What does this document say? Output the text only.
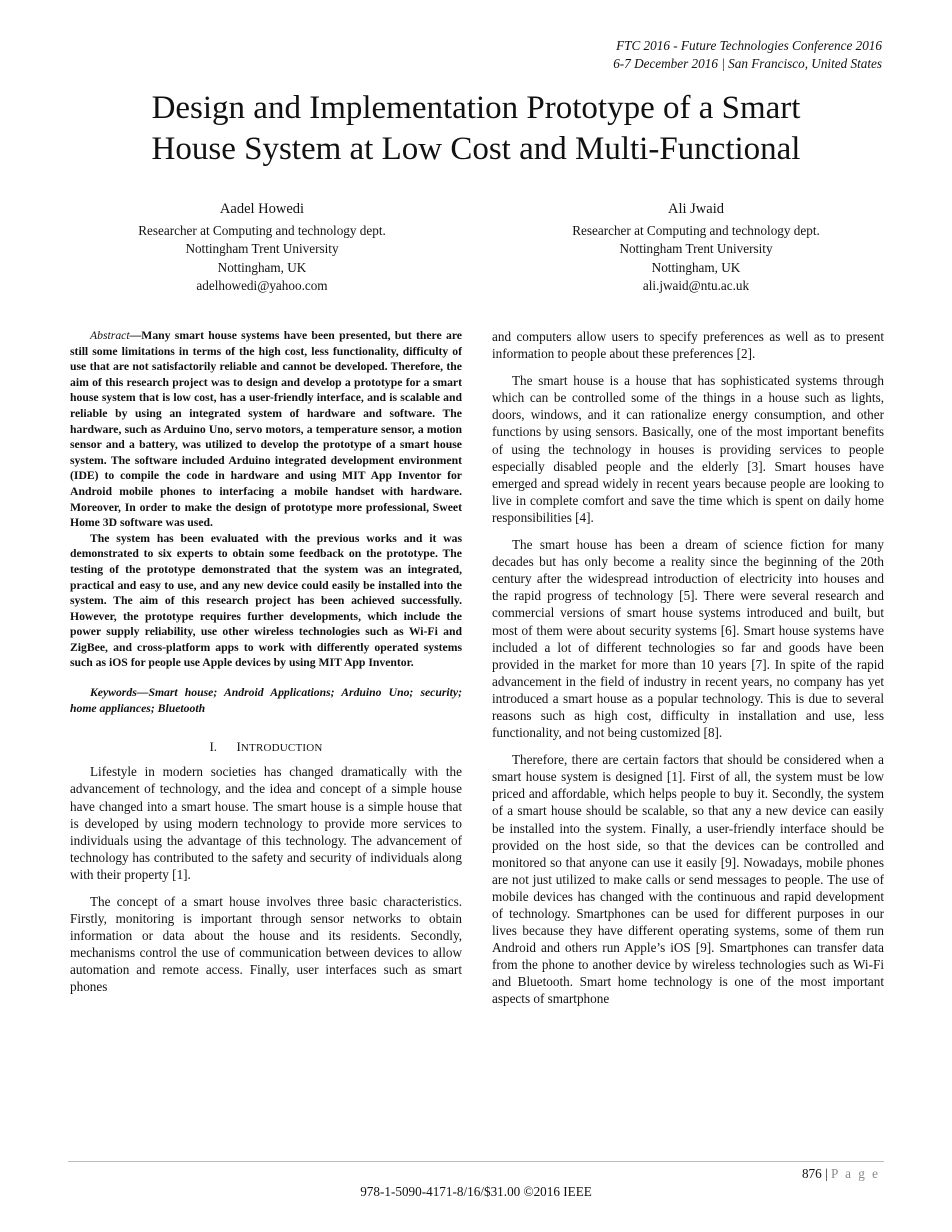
FTC 2016 - Future Technologies Conference 2016
6-7 December 2016 | San Francisco, United States
Design and Implementation Prototype of a Smart
House System at Low Cost and Multi-Functional
Aadel Howedi
Researcher at Computing and technology dept.
Nottingham Trent University
Nottingham, UK
adelhowedi@yahoo.com
Ali Jwaid
Researcher at Computing and technology dept.
Nottingham Trent University
Nottingham, UK
ali.jwaid@ntu.ac.uk

Abstract—Many smart house systems have been presented, but there are still some limitations in terms of the high cost, less functionality, difficulty of use that are not satisfactorily reliable and cannot be developed. Therefore, the aim of this research project was to design and develop a prototype for a smart house system that is low cost, has a user-friendly interface, and is scalable and reliable by using an integrated system of hardware and software. The hardware, such as Arduino Uno, servo motors, a temperature sensor, a motion sensor and a battery, was utilized to develop the prototype of a smart house system. The software included Arduino integrated development environment (IDE) to compile the code in hardware and using MIT App Inventor for Android mobile phones to interfacing a mobile handset with hardware. Moreover, In order to make the design of prototype more professional, Sweet Home 3D software was used.

The system has been evaluated with the previous works and it was demonstrated to six experts to obtain some feedback on the prototype. The testing of the prototype demonstrated that the system was an integrated, practical and easy to use, and any new device could easily be installed into the system. The aim of this research project has been achieved successfully. However, the prototype requires further developments, which include the power supply reliability, use other wireless technologies such as Wi-Fi and ZigBee, and cross-platform apps to work with differently operated systems such as iOS for people use Apple devices by using MIT App Inventor.

Keywords—Smart house; Android Applications; Arduino Uno; security; home appliances; Bluetooth

I. INTRODUCTION

Lifestyle in modern societies has changed dramatically with the advancement of technology, and the idea and concept of a simple house have changed into a smart house. The smart house is a simple house that is developed by using modern technology to provide more services to individuals using the advantage of this technology. The advancement of technology has contributed to the safety and security of individuals along with their property [1].

The concept of a smart house involves three basic characteristics. Firstly, monitoring is important through sensor networks to obtain information or data about the house and its residents. Secondly, mechanisms control the use of communication between devices to allow automation and remote access. Finally, user interfaces such as smart phones

and computers allow users to specify preferences as well as to present information to people about these preferences [2].

The smart house is a house that has sophisticated systems through which can be controlled some of the things in a house such as lights, doors, windows, and it can rationalize energy consumption, and other functions by using sensors. Basically, one of the most important benefits of using the technology in houses is providing services to people especially disabled people and the elderly [3]. Smart houses have emerged and spread widely in recent years because people are looking to live in complete comfort and save the time which is spent on daily home responsibilities [4].

The smart house has been a dream of science fiction for many decades but has only become a reality since the beginning of the 20th century after the widespread introduction of electricity into houses and the rapid progress of technology [5]. There were several research and commercial versions of smart house systems introduced and built, but most of them were about security systems [6]. Smart house systems have included a lot of different technologies so far and goods have been provided in the market for more than 10 years [7]. In spite of the rapid advancement in the field of industry in recent years, no company has yet introduced a smart house as a popular technology. This is due to several reasons such as high cost, difficulty in installation and use, less functionality, and not being customized [8].

Therefore, there are certain factors that should be considered when a smart house system is designed [1]. First of all, the system must be low priced and affordable, which helps people to buy it. Secondly, the system of a smart house should be scalable, so that any a new device can easily be installed into the system. Finally, a user-friendly interface should be provided on the host side, so that the devices can be controlled and monitored so that anyone can use it easily [9]. Nowadays, mobile phones are not just utilized to make calls or send messages to people. The use of mobile devices has changed with the continuous and rapid development of technology. Smartphones can be used for different purposes in our lives because they have different operating systems, some of them run Android and others run Apple’s iOS [9]. Smartphones can transfer data from the phone to another device by wireless technologies such as Wi-Fi and Bluetooth. Smart home technology is one of the most important aspects of smartphone

876 | P a g e
978-1-5090-4171-8/16/$31.00 ©2016 IEEE
